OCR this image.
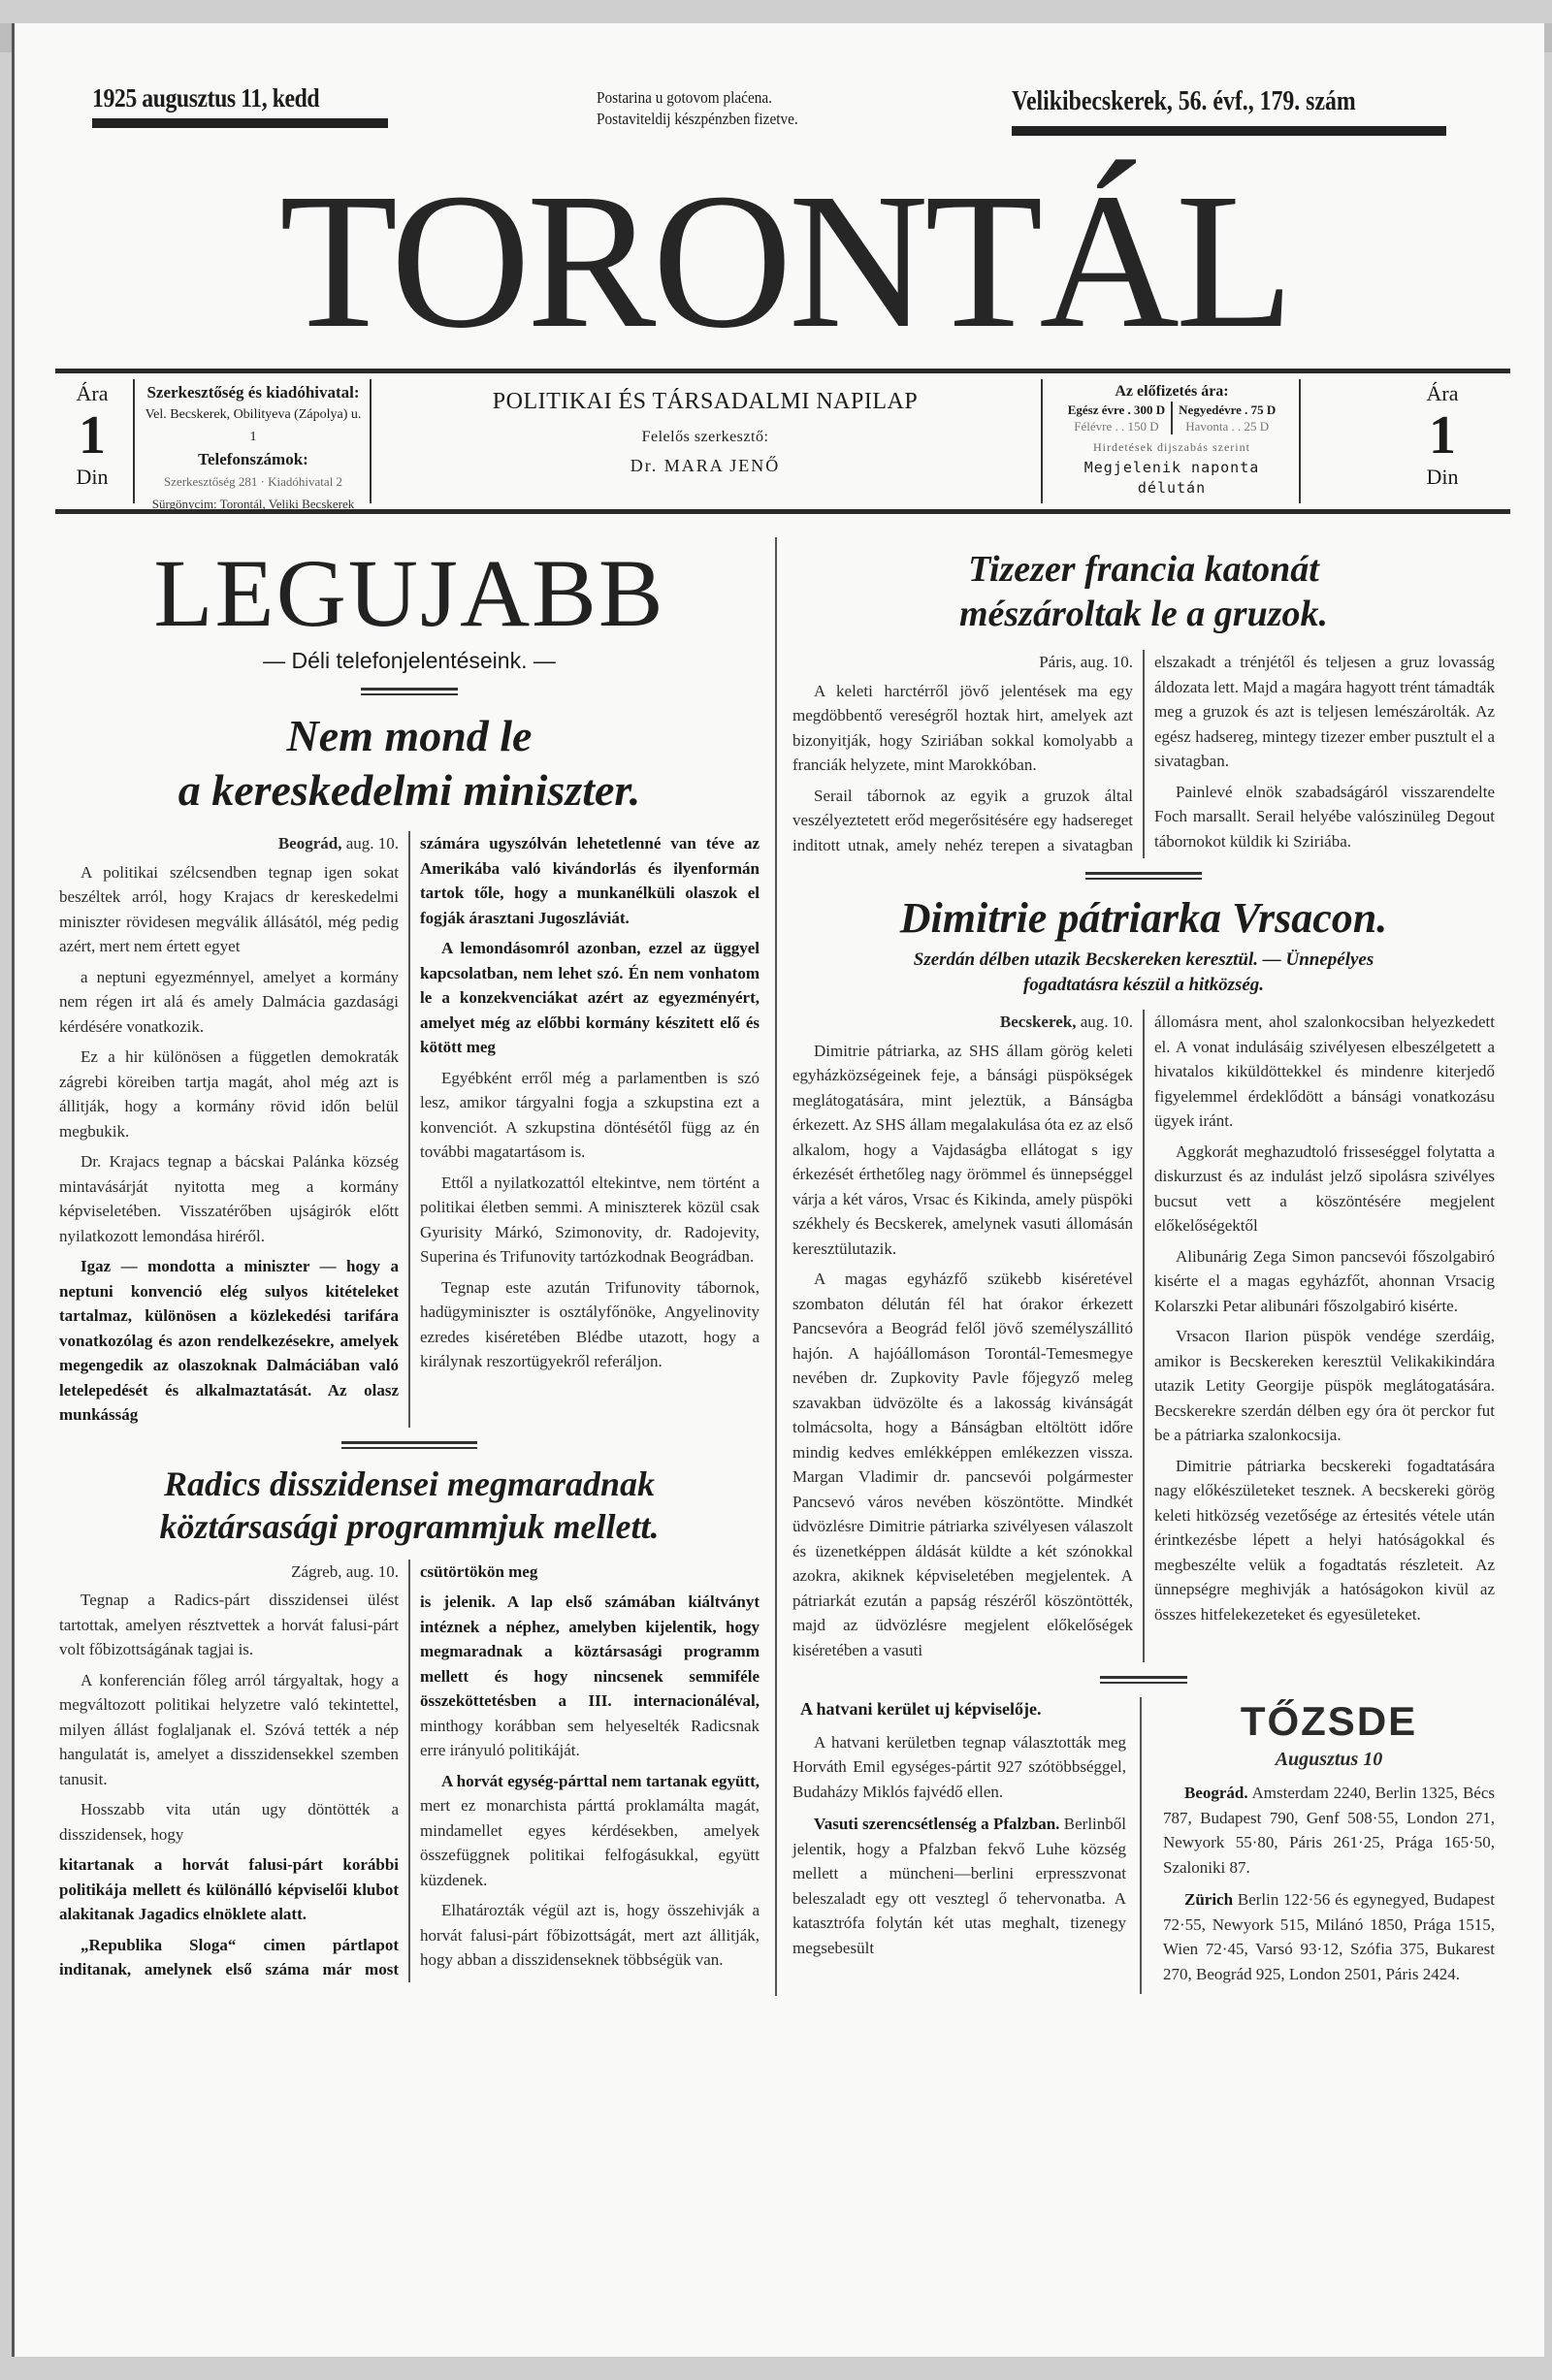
1925 augusztus 11, kedd	Postarina u gotovom plaćena.
Postaviteldij készpénzben fizetve.
Velikibecskerek, 56. évf., 179. szám
TORONTÁL
Ára
1
Din
Szerkesztőség és kiadóhivatal:
Vel. Becskerek, Obilityeva (Zápolya) u. 1
Telefonszámok:
Szerkesztőség 281 · Kiadóhivatal 2
Sürgönycim: Torontál, Veliki Becskerek
POLITIKAI ÉS TÁRSADALMI NAPILAP
Felelős szerkesztő:
Dr. MARA JENŐ
Az előfizetés ára:
Egész évre . 300 D
Félévre . . 150 D
Negyedévre . 75 D
Havonta . . 25 D
Hirdetések dijszabás szerint
Megjelenik naponta délután
Ára
1
Din
LEGUJABB
— Déli telefonjelentéseink. —
Nem mond le
a kereskedelmi miniszter.
Beográd, aug. 10.

A politikai szélcsendben tegnap igen sokat beszéltek arról, hogy Krajacs dr kereskedelmi miniszter rövidesen megválik állásától, még pedig azért, mert nem értett egyet

a neptuni egyezménnyel, amelyet a kormány nem régen irt alá és amely Dalmácia gazdasági kérdésére vonatkozik.

Ez a hir különösen a független demokraták zágrebi köreiben tartja magát, ahol még azt is állitják, hogy a kormány rövid időn belül megbukik.

Dr. Krajacs tegnap a bácskai Palánka község mintavásárját nyitotta meg a kormány képviseletében. Visszatérőben ujságirók előtt nyilatkozott lemondása hiréről.

Igaz — mondotta a miniszter — hogy a neptuni konvenció elég sulyos kitételeket tartalmaz, különösen a közlekedési tarifára vonatkozólag és azon rendelkezésekre, amelyek megengedik az olaszoknak Dalmáciában való letelepedését és alkalmaztatását. Az olasz munkásság

számára ugyszólván lehetetlenné van téve az Amerikába való kivándorlás és ilyenformán tartok tőle, hogy a munkanélküli olaszok el fogják árasztani Jugoszláviát.

A lemondásomról azonban, ezzel az üggyel kapcsolatban, nem lehet szó. Én nem vonhatom le a konzekvenciákat azért az egyezményért, amelyet még az előbbi kormány készitett elő és kötött meg

Egyébként erről még a parlamentben is szó lesz, amikor tárgyalni fogja a szkupstina ezt a konvenciót. A szkupstina döntésétől függ az én további magatartásom is.

Ettől a nyilatkozattól eltekintve, nem történt a politikai életben semmi. A miniszterek közül csak Gyurisity Márkó, Szimonovity, dr. Radojevity, Superina és Trifunovity tartózkodnak Beográdban.

Tegnap este azután Trifunovity tábornok, hadügyminiszter is osztályfőnöke, Angyelinovity ezredes kiséretében Blédbe utazott, hogy a királynak reszortügyekről referáljon.

Radics disszidensei megmaradnak
köztársasági programmjuk mellett.
Zágreb, aug. 10.

Tegnap a Radics-párt disszidensei ülést tartottak, amelyen résztvettek a horvát falusi-párt volt főbizottságának tagjai is.

A konferencián főleg arról tárgyaltak, hogy a megváltozott politikai helyzetre való tekintettel, milyen állást foglaljanak el. Szóvá tették a nép hangulatát is, amelyet a disszidensekkel szemben tanusit.

Hosszabb vita után ugy döntötték a disszidensek, hogy

kitartanak a horvát falusi-párt korábbi politikája mellett és különálló képviselői klubot alakitanak Jagadics elnöklete alatt.

„Republika Sloga“ cimen pártlapot inditanak, amelynek első száma már most csütörtökön meg

is jelenik. A lap első számában kiáltványt intéznek a néphez, amelyben kijelentik, hogy megmaradnak a köztársasági programm mellett és hogy nincsenek semmiféle összeköttetésben a III. internacionáléval, minthogy korábban sem helyeselték Radicsnak erre irányuló politikáját.

A horvát egység-párttal nem tartanak együtt, mert ez monarchista párttá proklamálta magát, mindamellet egyes kérdésekben, amelyek összefüggnek politikai felfogásukkal, együtt küzdenek.

Elhatározták végül azt is, hogy összehivják a horvát falusi-párt főbizottságát, mert azt állitják, hogy abban a disszidenseknek többségük van.

Tizezer francia katonát
mészároltak le a gruzok.
Páris, aug. 10.

A keleti harctérről jövő jelentések ma egy megdöbbentő vereségről hoztak hirt, amelyek azt bizonyitják, hogy Sziriában sokkal komolyabb a franciák helyzete, mint Marokkóban.

Serail tábornok az egyik a gruzok által veszélyeztetett erőd megerősitésére egy hadsereget inditott utnak, amely nehéz terepen a sivatagban elszakadt a trénjétől és teljesen a gruz lovasság áldozata lett. Majd a magára hagyott trént támadták meg a gruzok és azt is teljesen lemészárolták. Az egész hadsereg, mintegy tizezer ember pusztult el a sivatagban.

Painlevé elnök szabadságáról visszarendelte Foch marsallt. Serail helyébe valószinüleg Degout tábornokot küldik ki Sziriába.

Dimitrie pátriarka Vrsacon.
Szerdán délben utazik Becskereken keresztül. — Ünnepélyes
fogadtatásra készül a hitközség.
Becskerek, aug. 10.

Dimitrie pátriarka, az SHS állam görög keleti egyházközségeinek feje, a bánsági püspökségek meglátogatására, mint jeleztük, a Bánságba érkezett. Az SHS állam megalakulása óta ez az első alkalom, hogy a Vajdaságba ellátogat s igy érkezését érthetőleg nagy örömmel és ünnepséggel várja a két város, Vrsac és Kikinda, amely püspöki székhely és Becskerek, amelynek vasuti állomásán keresztülutazik.

A magas egyházfő szükebb kiséretével szombaton délután fél hat órakor érkezett Pancsevóra a Beográd felől jövő személyszállitó hajón. A hajóállomáson Torontál-Temesmegye nevében dr. Zupkovity Pavle főjegyző meleg szavakban üdvözölte és a lakosság kivánságát tolmácsolta, hogy a Bánságban eltöltött időre mindig kedves emlékképpen emlékezzen vissza. Margan Vladimir dr. pancsevói polgármester Pancsevó város nevében köszöntötte. Mindkét üdvözlésre Dimitrie pátriarka szivélyesen válaszolt és üzenetképpen áldását küldte a két szónokkal azokra, akiknek képviseletében megjelentek. A pátriarkát ezután a papság részéről köszöntötték, majd az üdvözlésre megjelent előkelőségek kiséretében a vasuti

állomásra ment, ahol szalonkocsiban helyezkedett el. A vonat indulásáig szivélyesen elbeszélgetett a hivatalos kiküldöttekkel és mindenre kiterjedő figyelemmel érdeklődött a bánsági vonatkozásu ügyek iránt.

Aggkorát meghazudtoló frisseséggel folytatta a diskurzust és az indulást jelző sipolásra szivélyes bucsut vett a köszöntésére megjelent előkelőségektől

Alibunárig Zega Simon pancsevói főszolgabiró kisérte el a magas egyházfőt, ahonnan Vrsacig Kolarszki Petar alibunári főszolgabiró kisérte.

Vrsacon Ilarion püspök vendége szerdáig, amikor is Becskereken keresztül Velikakikindára utazik Letity Georgije püspök meglátogatására. Becskerekre szerdán délben egy óra öt perckor fut be a pátriarka szalonkocsija.

Dimitrie pátriarka becskereki fogadtatására nagy előkészületeket tesznek. A becskereki görög keleti hitközség vezetősége az értesités vétele után érintkezésbe lépett a helyi hatóságokkal és megbeszélte velük a fogadtatás részleteit. Az ünnepségre meghivják a hatóságokon kivül az összes hitfelekezeteket és egyesületeket.

A hatvani kerület uj képviselője.

A hatvani kerületben tegnap választották meg Horváth Emil egységes-pártit 927 szótöbbséggel, Budaházy Miklós fajvédő ellen.

Vasuti szerencsétlenség a Pfalzban. Berlinből jelentik, hogy a Pfalzban fekvő Luhe község mellett a müncheni—berlini erpresszvonat beleszaladt egy ott vesztegl ő tehervonatba. A katasztrófa folytán két utas meghalt, tizenegy megsebesült

TŐZSDE
Augusztus 10

Beográd. Amsterdam 2240, Berlin 1325, Bécs 787, Budapest 790, Genf 508·55, London 271, Newyork 55·80, Páris 261·25, Prága 165·50, Szaloniki 87.

Zürich Berlin 122·56 és egynegyed, Budapest 72·55, Newyork 515, Milánó 1850, Prága 1515, Wien 72·45, Varsó 93·12, Szófia 375, Bukarest 270, Beográd 925, London 2501, Páris 2424.
